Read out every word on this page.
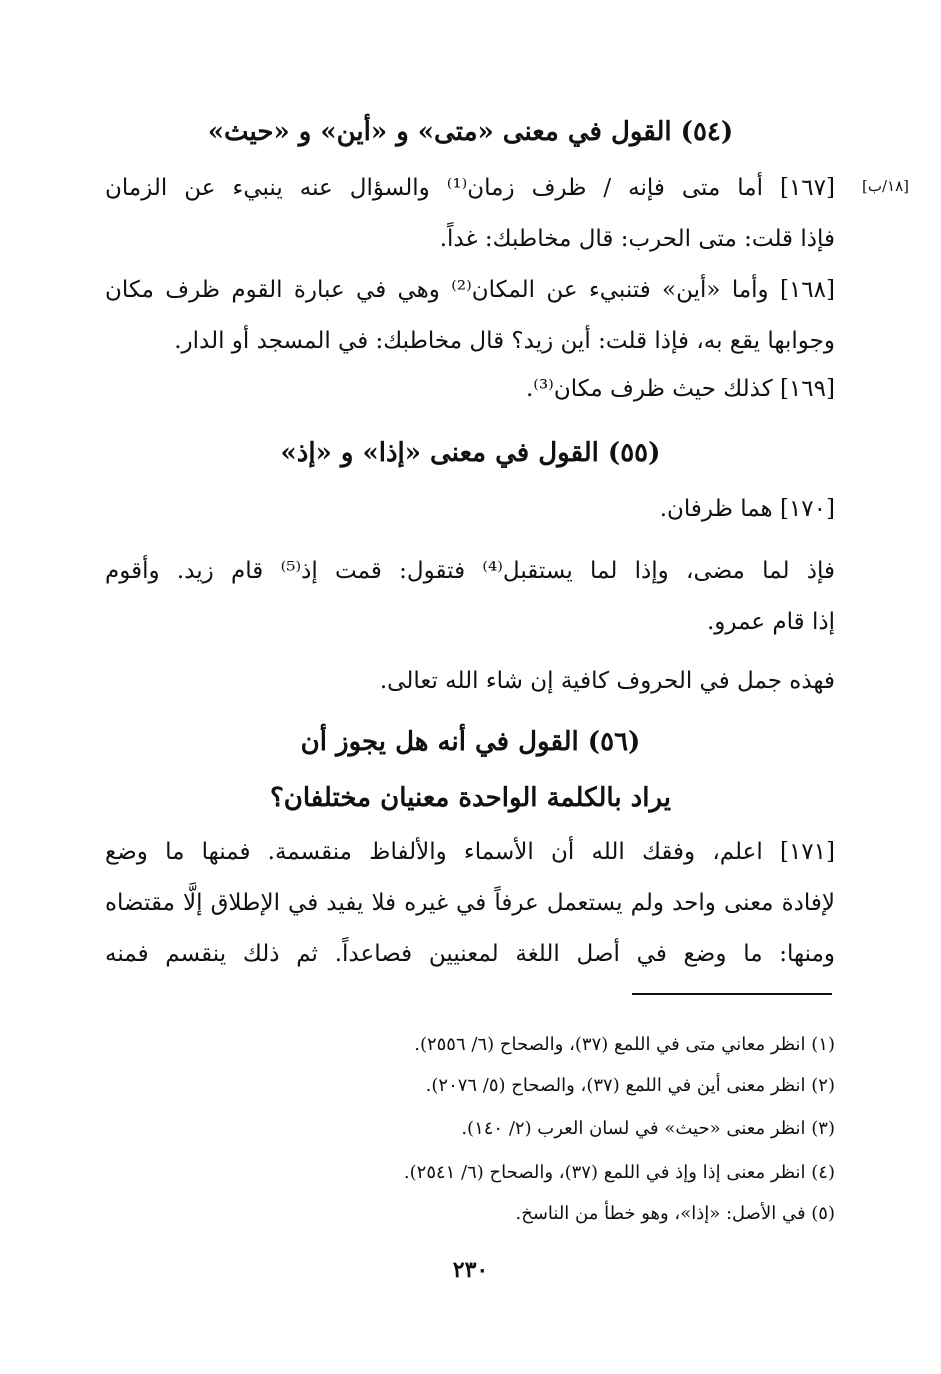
[١٨/ب]

(٥٤) القول في معنى «متى» و «أين» و «حيث»

[١٦٧] أما متى فإنه / ظرف زمان⁽¹⁾ والسؤال عنه ينبيء عن الزمان

فإذا قلت: متى الحرب: قال مخاطبك: غداً.

[١٦٨] وأما «أين» فتنبيء عن المكان⁽²⁾ وهي في عبارة القوم ظرف مكان

وجوابها يقع به، فإذا قلت: أين زيد؟ قال مخاطبك: في المسجد أو الدار.

[١٦٩] كذلك حيث ظرف مكان⁽³⁾.

(٥٥) القول في معنى «إذا» و «إذ»

[١٧٠] هما ظرفان.

فإذ لما مضى، وإذا لما يستقبل⁽⁴⁾ فتقول: قمت إذ⁽⁵⁾ قام زيد. وأقوم

إذا قام عمرو.

فهذه جمل في الحروف كافية إن شاء الله تعالى.

(٥٦) القول في أنه هل يجوز أن

يراد بالكلمة الواحدة معنيان مختلفان؟

[١٧١] اعلم، وفقك الله أن الأسماء والألفاظ منقسمة. فمنها ما وضع

لإفادة معنى واحد ولم يستعمل عرفاً في غيره فلا يفيد في الإطلاق إلَّا مقتضاه

ومنها: ما وضع في أصل اللغة لمعنيين فصاعداً. ثم ذلك ينقسم فمنه

(١) انظر معاني متى في اللمع (٣٧)، والصحاح (٦/ ٢٥٥٦).

(٢) انظر معنى أين في اللمع (٣٧)، والصحاح (٥/ ٢٠٧٦).

(٣) انظر معنى «حيث» في لسان العرب (٢/ ١٤٠).

(٤) انظر معنى إذا وإذ في اللمع (٣٧)، والصحاح (٦/ ٢٥٤١).

(٥) في الأصل: «إذا»، وهو خطأ من الناسخ.

٢٣٠
